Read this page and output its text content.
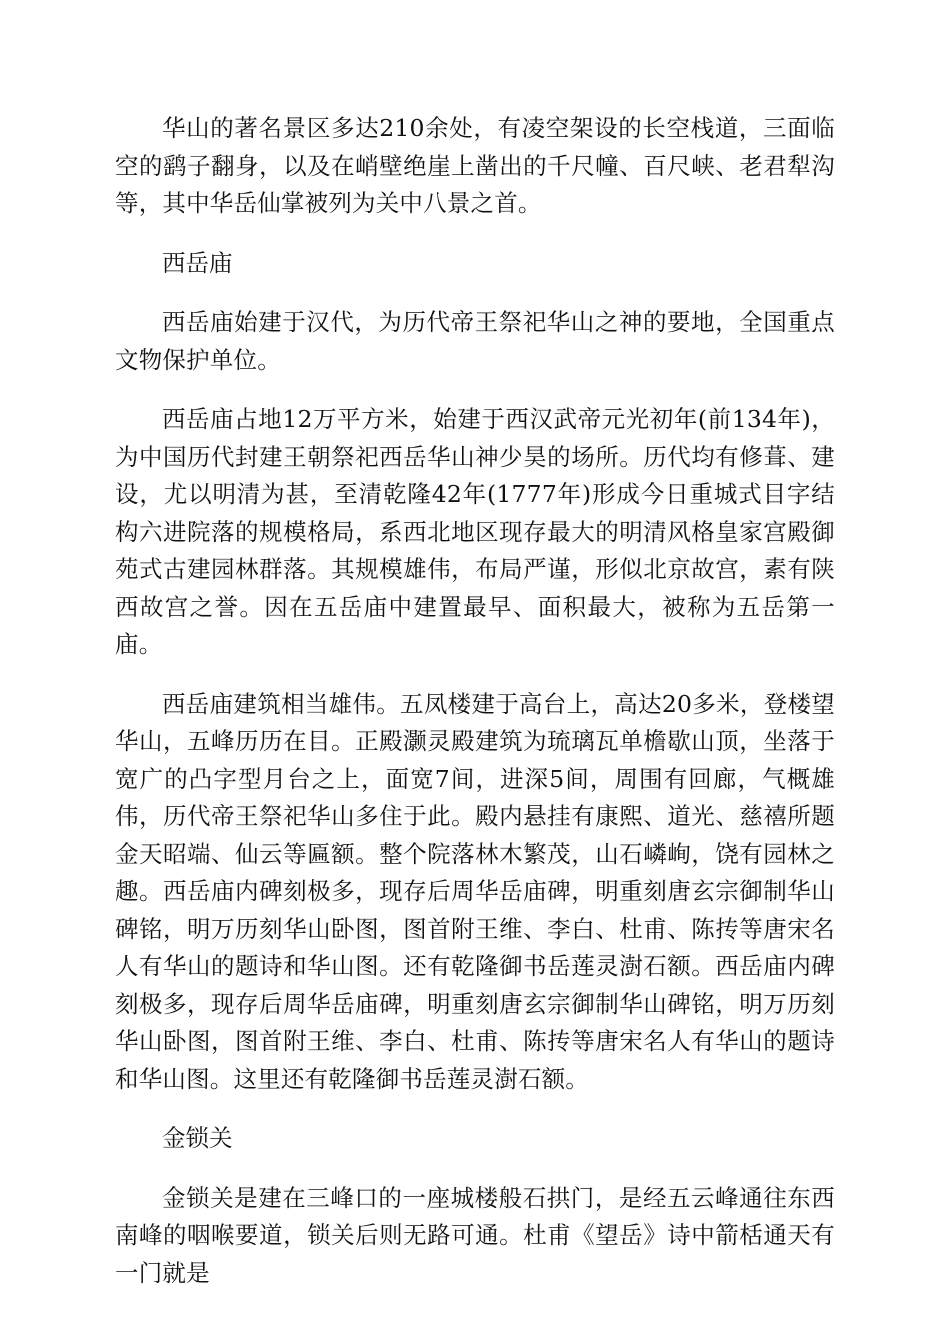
华山的著名景区多达210余处，有凌空架设的长空栈道，三面临空的鹞子翻身，以及在峭壁绝崖上凿出的千尺幢、百尺峡、老君犁沟等，其中华岳仙掌被列为关中八景之首。

西岳庙

西岳庙始建于汉代，为历代帝王祭祀华山之神的要地，全国重点文物保护单位。

西岳庙占地12万平方米，始建于西汉武帝元光初年(前134年)，为中国历代封建王朝祭祀西岳华山神少昊的场所。历代均有修葺、建设，尤以明清为甚，至清乾隆42年(1777年)形成今日重城式目字结构六进院落的规模格局，系西北地区现存最大的明清风格皇家宫殿御苑式古建园林群落。其规模雄伟，布局严谨，形似北京故宫，素有陕西故宫之誉。因在五岳庙中建置最早、面积最大，被称为五岳第一庙。

西岳庙建筑相当雄伟。五凤楼建于高台上，高达20多米，登楼望华山，五峰历历在目。正殿灏灵殿建筑为琉璃瓦单檐歇山顶，坐落于宽广的凸字型月台之上，面宽7间，进深5间，周围有回廊，气概雄伟，历代帝王祭祀华山多住于此。殿内悬挂有康熙、道光、慈禧所题金天昭端、仙云等匾额。整个院落林木繁茂，山石嶙峋，饶有园林之趣。西岳庙内碑刻极多，现存后周华岳庙碑，明重刻唐玄宗御制华山碑铭，明万历刻华山卧图，图首附王维、李白、杜甫、陈抟等唐宋名人有华山的题诗和华山图。还有乾隆御书岳莲灵澍石额。西岳庙内碑刻极多，现存后周华岳庙碑，明重刻唐玄宗御制华山碑铭，明万历刻华山卧图，图首附王维、李白、杜甫、陈抟等唐宋名人有华山的题诗和华山图。这里还有乾隆御书岳莲灵澍石额。

金锁关

金锁关是建在三峰口的一座城楼般石拱门，是经五云峰通往东西南峰的咽喉要道，锁关后则无路可通。杜甫《望岳》诗中箭栝通天有一门就是
